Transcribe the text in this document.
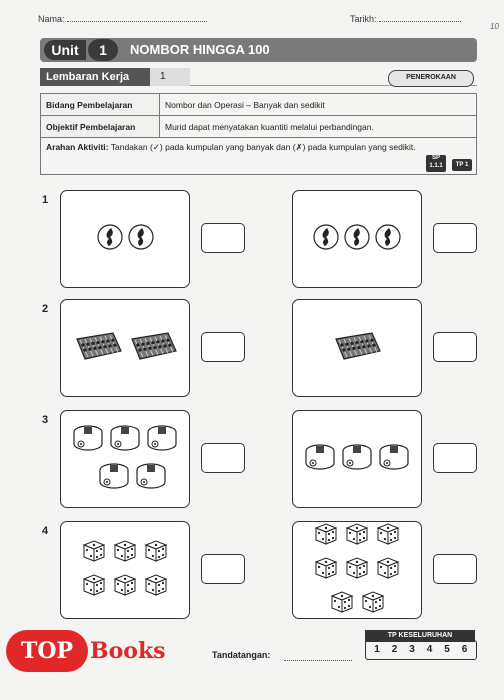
Nama:	Tarikh:
10
Unit	1	NOMBOR HINGGA 100
Lembaran Kerja	1	PENEROKAAN
Bidang Pembelajaran	Nombor dan Operasi – Banyak dan sedikit
Objektif Pembelajaran	Murid dapat menyatakan kuantiti melalui perbandingan.
Arahan Aktiviti: Tandakan (✓) pada kumpulan yang banyak dan (✗) pada kumpulan yang sedikit.
SP
1.1.1	TP 1
1
2
3
4
Tandatangan:
TP KESELURUHAN
1	2	3	4	5	6
TOP Books
